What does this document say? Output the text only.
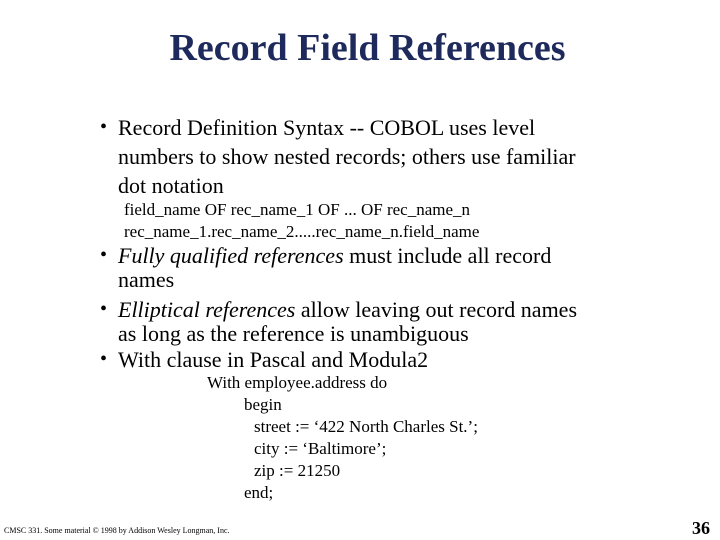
Record Field References
• Record Definition Syntax -- COBOL uses level
numbers to show nested records; others use familiar
dot notation
field_name OF rec_name_1 OF ... OF rec_name_n
rec_name_1.rec_name_2.....rec_name_n.field_name
• Fully qualified references must include all record
names
• Elliptical references allow leaving out record names
as long as the reference is unambiguous
• With clause in Pascal and Modula2
With employee.address do
begin
street := ‘422 North Charles St.’;
city := ‘Baltimore’;
zip := 21250
end;
CMSC 331. Some material © 1998 by Addison Wesley Longman, Inc.	36
